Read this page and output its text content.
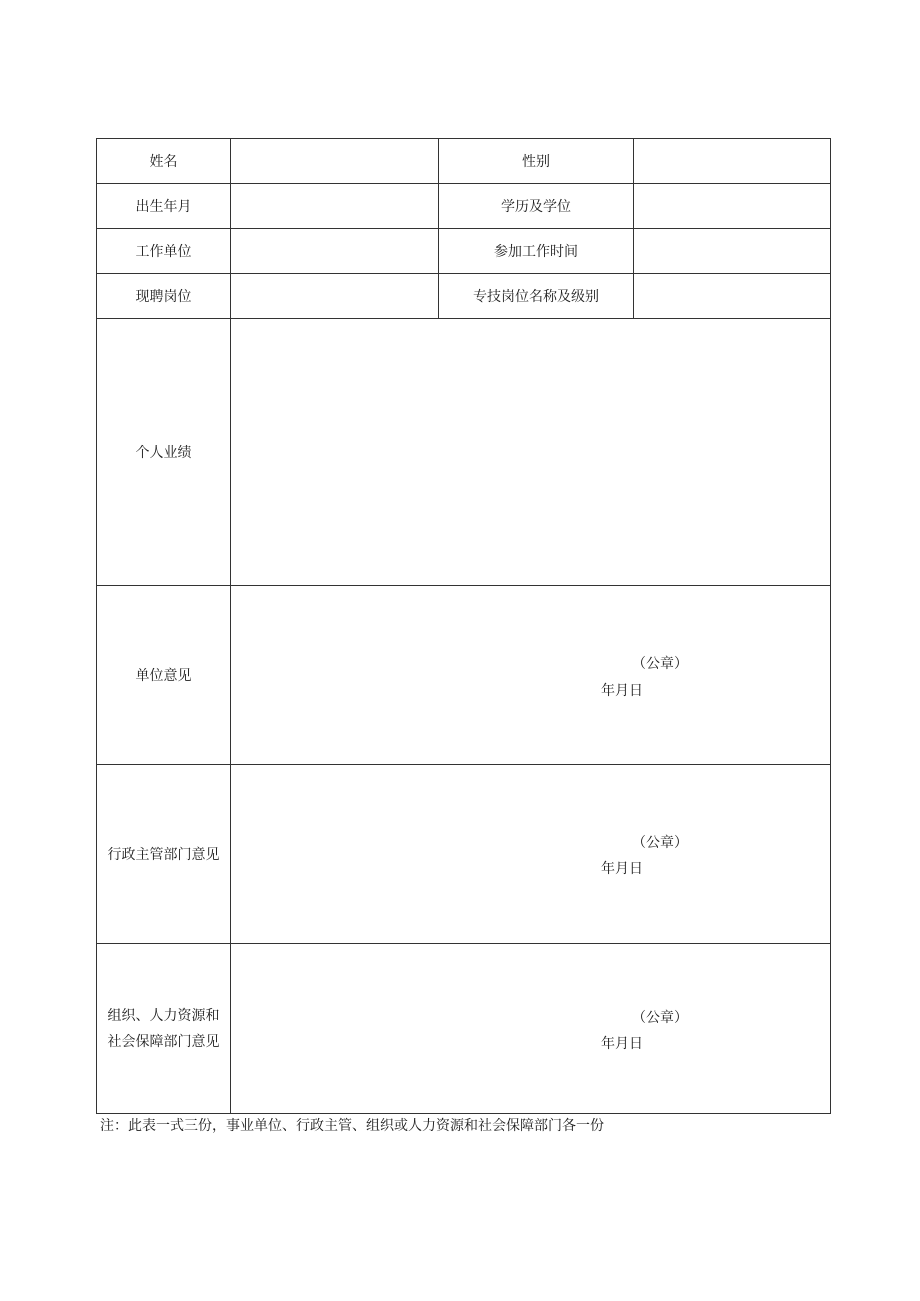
姓名		性别	
出生年月		学历及学位	
工作单位		参加工作时间	
现聘岗位		专技岗位名称及级别	
个人业绩			
单位意见	（公章）
年月日		

行政主管部门意见	（公章）
年月日		

组织、人力资源和
社会保障部门意见	（公章）
年月日		
注：此表一式三份，事业单位、行政主管、组织或人力资源和社会保障部门各一份
